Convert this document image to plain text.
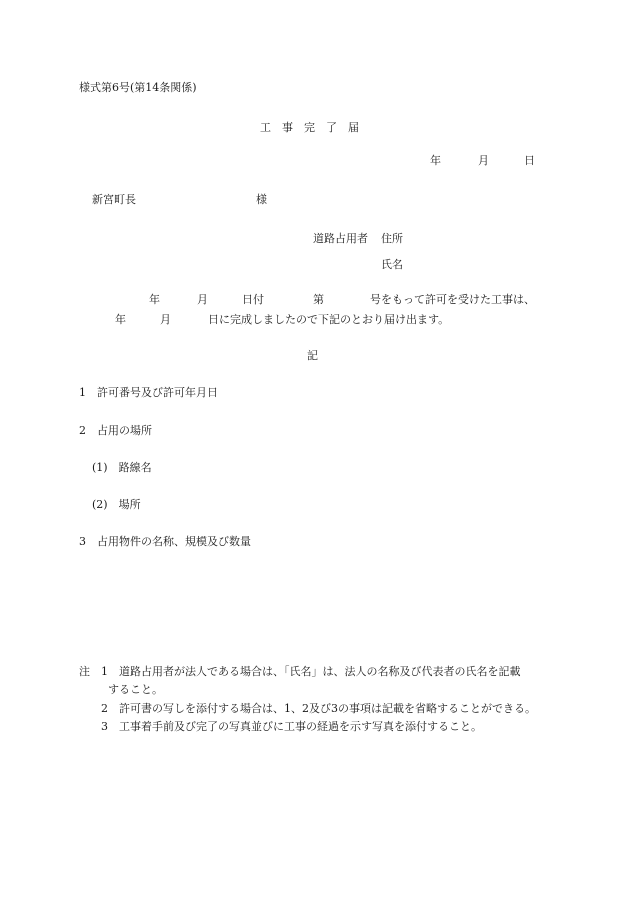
様式第6号(第14条関係)
工　事　完　了　届
年	月	日
新宮町長	様
道路占用者 住所
氏名
年	月	日付	第	号をもって許可を受けた工事は、
年	月	日に完成しましたので下記のとおり届け出ます。
記
1　許可番号及び許可年月日
2　占用の場所
(1)　路線名
(2)　場所
3　占用物件の名称、規模及び数量
注 1 道路占用者が法人である場合は、「氏名」は、法人の名称及び代表者の氏名を記載
すること。
2 許可書の写しを添付する場合は、1、2及び3の事項は記載を省略することができる。
3 工事着手前及び完了の写真並びに工事の経過を示す写真を添付すること。
